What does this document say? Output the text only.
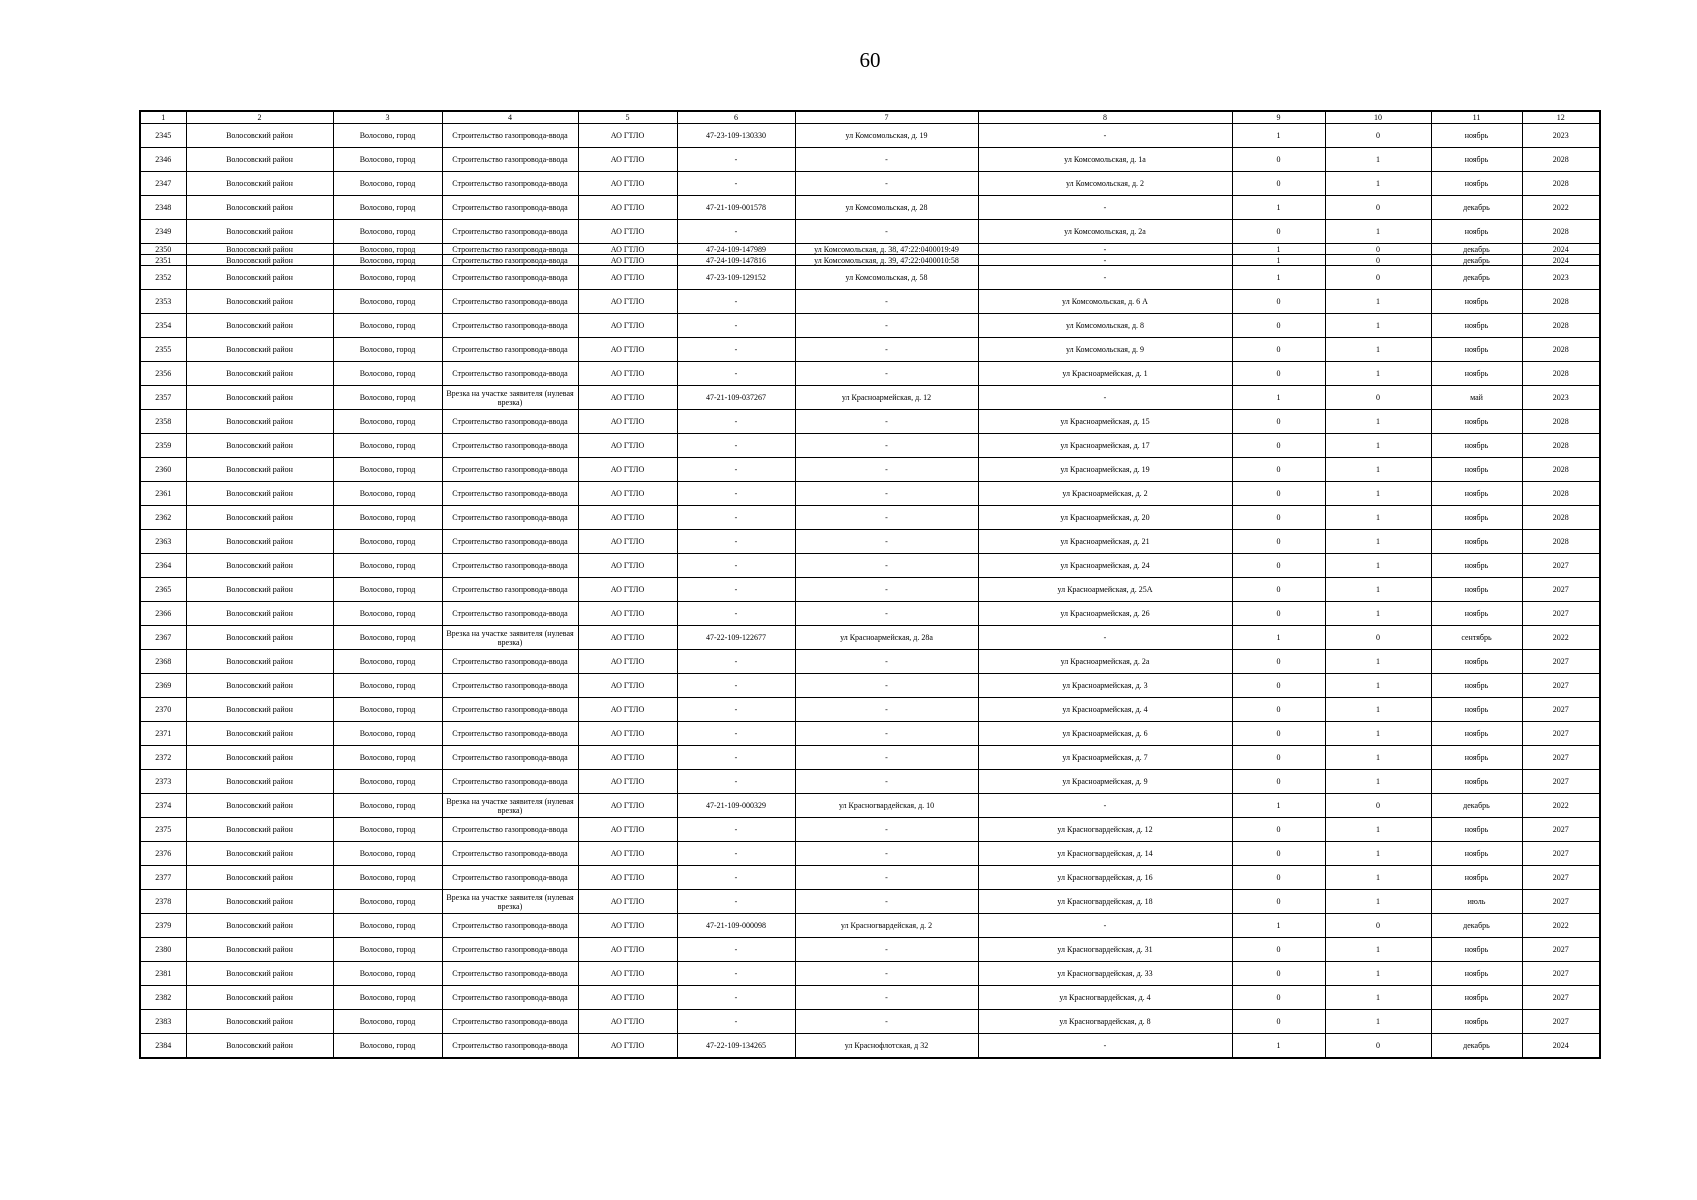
60
1	2	3	4	5	6	7	8	9	10	11	12
2345	Волосовский район	Волосово, город	Строительство газопровода-ввода	АО ГТЛО	47-23-109-130330	ул Комсомольская, д. 19	-	1	0	ноябрь	2023
2346	Волосовский район	Волосово, город	Строительство газопровода-ввода	АО ГТЛО	-	-	ул Комсомольская, д. 1а	0	1	ноябрь	2028
2347	Волосовский район	Волосово, город	Строительство газопровода-ввода	АО ГТЛО	-	-	ул Комсомольская, д. 2	0	1	ноябрь	2028
2348	Волосовский район	Волосово, город	Строительство газопровода-ввода	АО ГТЛО	47-21-109-001578	ул Комсомольская, д. 28	-	1	0	декабрь	2022
2349	Волосовский район	Волосово, город	Строительство газопровода-ввода	АО ГТЛО	-	-	ул Комсомольская, д. 2а	0	1	ноябрь	2028
2350	Волосовский район	Волосово, город	Строительство газопровода-ввода	АО ГТЛО	47-24-109-147989	ул Комсомольская, д. 38, 47:22:0400019:49	-	1	0	декабрь	2024
2351	Волосовский район	Волосово, город	Строительство газопровода-ввода	АО ГТЛО	47-24-109-147816	ул Комсомольская, д. 39, 47:22:0400010:58	-	1	0	декабрь	2024
2352	Волосовский район	Волосово, город	Строительство газопровода-ввода	АО ГТЛО	47-23-109-129152	ул Комсомольская, д. 58	-	1	0	декабрь	2023
2353	Волосовский район	Волосово, город	Строительство газопровода-ввода	АО ГТЛО	-	-	ул Комсомольская, д. 6 А	0	1	ноябрь	2028
2354	Волосовский район	Волосово, город	Строительство газопровода-ввода	АО ГТЛО	-	-	ул Комсомольская, д. 8	0	1	ноябрь	2028
2355	Волосовский район	Волосово, город	Строительство газопровода-ввода	АО ГТЛО	-	-	ул Комсомольская, д. 9	0	1	ноябрь	2028
2356	Волосовский район	Волосово, город	Строительство газопровода-ввода	АО ГТЛО	-	-	ул Красноармейская, д. 1	0	1	ноябрь	2028
2357	Волосовский район	Волосово, город	Врезка на участке заявителя (нулевая врезка)	АО ГТЛО	47-21-109-037267	ул Красноармейская, д. 12	-	1	0	май	2023
2358	Волосовский район	Волосово, город	Строительство газопровода-ввода	АО ГТЛО	-	-	ул Красноармейская, д. 15	0	1	ноябрь	2028
2359	Волосовский район	Волосово, город	Строительство газопровода-ввода	АО ГТЛО	-	-	ул Красноармейская, д. 17	0	1	ноябрь	2028
2360	Волосовский район	Волосово, город	Строительство газопровода-ввода	АО ГТЛО	-	-	ул Красноармейская, д. 19	0	1	ноябрь	2028
2361	Волосовский район	Волосово, город	Строительство газопровода-ввода	АО ГТЛО	-	-	ул Красноармейская, д. 2	0	1	ноябрь	2028
2362	Волосовский район	Волосово, город	Строительство газопровода-ввода	АО ГТЛО	-	-	ул Красноармейская, д. 20	0	1	ноябрь	2028
2363	Волосовский район	Волосово, город	Строительство газопровода-ввода	АО ГТЛО	-	-	ул Красноармейская, д. 21	0	1	ноябрь	2028
2364	Волосовский район	Волосово, город	Строительство газопровода-ввода	АО ГТЛО	-	-	ул Красноармейская, д. 24	0	1	ноябрь	2027
2365	Волосовский район	Волосово, город	Строительство газопровода-ввода	АО ГТЛО	-	-	ул Красноармейская, д. 25А	0	1	ноябрь	2027
2366	Волосовский район	Волосово, город	Строительство газопровода-ввода	АО ГТЛО	-	-	ул Красноармейская, д. 26	0	1	ноябрь	2027
2367	Волосовский район	Волосово, город	Врезка на участке заявителя (нулевая врезка)	АО ГТЛО	47-22-109-122677	ул Красноармейская, д. 28а	-	1	0	сентябрь	2022
2368	Волосовский район	Волосово, город	Строительство газопровода-ввода	АО ГТЛО	-	-	ул Красноармейская, д. 2а	0	1	ноябрь	2027
2369	Волосовский район	Волосово, город	Строительство газопровода-ввода	АО ГТЛО	-	-	ул Красноармейская, д. 3	0	1	ноябрь	2027
2370	Волосовский район	Волосово, город	Строительство газопровода-ввода	АО ГТЛО	-	-	ул Красноармейская, д. 4	0	1	ноябрь	2027
2371	Волосовский район	Волосово, город	Строительство газопровода-ввода	АО ГТЛО	-	-	ул Красноармейская, д. 6	0	1	ноябрь	2027
2372	Волосовский район	Волосово, город	Строительство газопровода-ввода	АО ГТЛО	-	-	ул Красноармейская, д. 7	0	1	ноябрь	2027
2373	Волосовский район	Волосово, город	Строительство газопровода-ввода	АО ГТЛО	-	-	ул Красноармейская, д. 9	0	1	ноябрь	2027
2374	Волосовский район	Волосово, город	Врезка на участке заявителя (нулевая врезка)	АО ГТЛО	47-21-109-000329	ул Красногвардейская, д. 10	-	1	0	декабрь	2022
2375	Волосовский район	Волосово, город	Строительство газопровода-ввода	АО ГТЛО	-	-	ул Красногвардейская, д. 12	0	1	ноябрь	2027
2376	Волосовский район	Волосово, город	Строительство газопровода-ввода	АО ГТЛО	-	-	ул Красногвардейская, д. 14	0	1	ноябрь	2027
2377	Волосовский район	Волосово, город	Строительство газопровода-ввода	АО ГТЛО	-	-	ул Красногвардейская, д. 16	0	1	ноябрь	2027
2378	Волосовский район	Волосово, город	Врезка на участке заявителя (нулевая врезка)	АО ГТЛО	-	-	ул Красногвардейская, д. 18	0	1	июль	2027
2379	Волосовский район	Волосово, город	Строительство газопровода-ввода	АО ГТЛО	47-21-109-000098	ул Красногвардейская, д. 2	-	1	0	декабрь	2022
2380	Волосовский район	Волосово, город	Строительство газопровода-ввода	АО ГТЛО	-	-	ул Красногвардейская, д. 31	0	1	ноябрь	2027
2381	Волосовский район	Волосово, город	Строительство газопровода-ввода	АО ГТЛО	-	-	ул Красногвардейская, д. 33	0	1	ноябрь	2027
2382	Волосовский район	Волосово, город	Строительство газопровода-ввода	АО ГТЛО	-	-	ул Красногвардейская, д. 4	0	1	ноябрь	2027
2383	Волосовский район	Волосово, город	Строительство газопровода-ввода	АО ГТЛО	-	-	ул Красногвардейская, д. 8	0	1	ноябрь	2027
2384	Волосовский район	Волосово, город	Строительство газопровода-ввода	АО ГТЛО	47-22-109-134265	ул Краснофлотская, д 32	-	1	0	декабрь	2024
